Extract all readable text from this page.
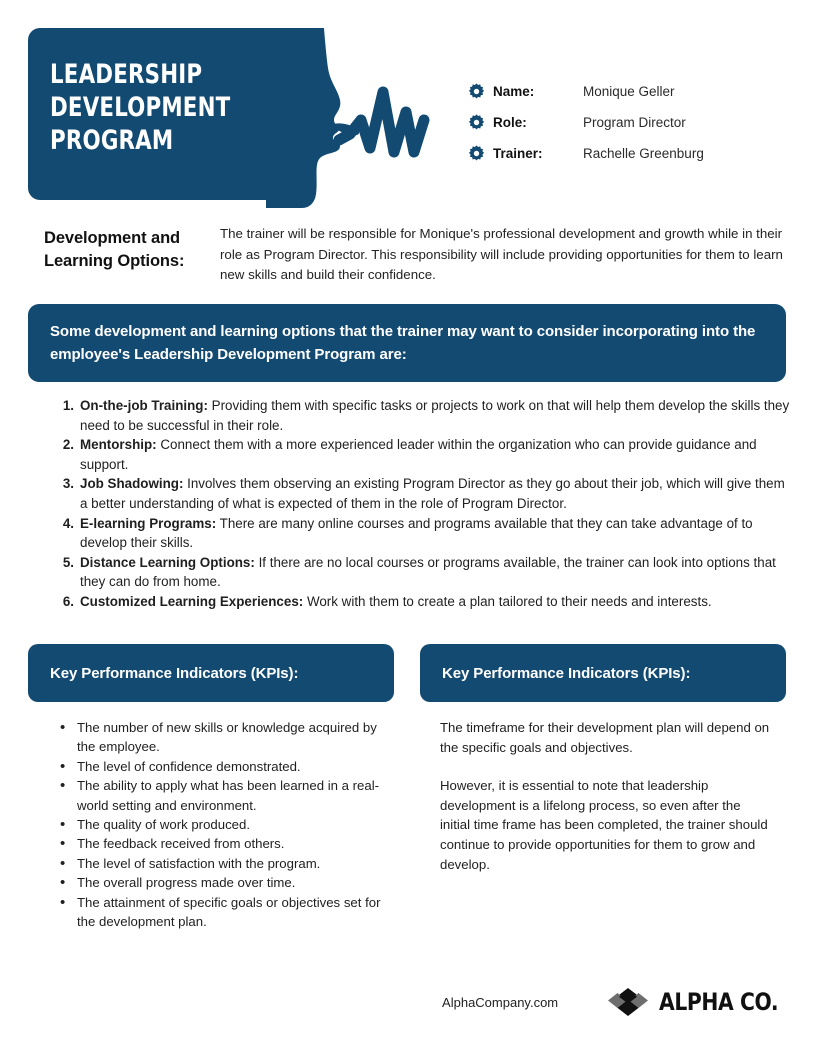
LEADERSHIP
DEVELOPMENT
PROGRAM
Name:	Monique Geller
Role:	Program Director
Trainer:	Rachelle Greenburg
Development and Learning Options:
The trainer will be responsible for Monique's professional development and growth while in their role as Program Director. This responsibility will include providing opportunities for them to learn new skills and build their confidence.
Some development and learning options that the trainer may want to consider incorporating into the employee's Leadership Development Program are:
1. On-the-job Training: Providing them with specific tasks or projects to work on that will help them develop the skills they need to be successful in their role.
2. Mentorship: Connect them with a more experienced leader within the organization who can provide guidance and support.
3. Job Shadowing: Involves them observing an existing Program Director as they go about their job, which will give them a better understanding of what is expected of them in the role of Program Director.
4. E-learning Programs: There are many online courses and programs available that they can take advantage of to develop their skills.
5. Distance Learning Options: If there are no local courses or programs available, the trainer can look into options that they can do from home.
6. Customized Learning Experiences: Work with them to create a plan tailored to their needs and interests.
Key Performance Indicators (KPIs):	Key Performance Indicators (KPIs):
• The number of new skills or knowledge acquired by the employee.
• The level of confidence demonstrated.
• The ability to apply what has been learned in a real-world setting and environment.
• The quality of work produced.
• The feedback received from others.
• The level of satisfaction with the program.
• The overall progress made over time.
• The attainment of specific goals or objectives set for the development plan.
The timeframe for their development plan will depend on the specific goals and objectives.
However, it is essential to note that leadership development is a lifelong process, so even after the initial time frame has been completed, the trainer should continue to provide opportunities for them to grow and develop.
AlphaCompany.com	ALPHA CO.
